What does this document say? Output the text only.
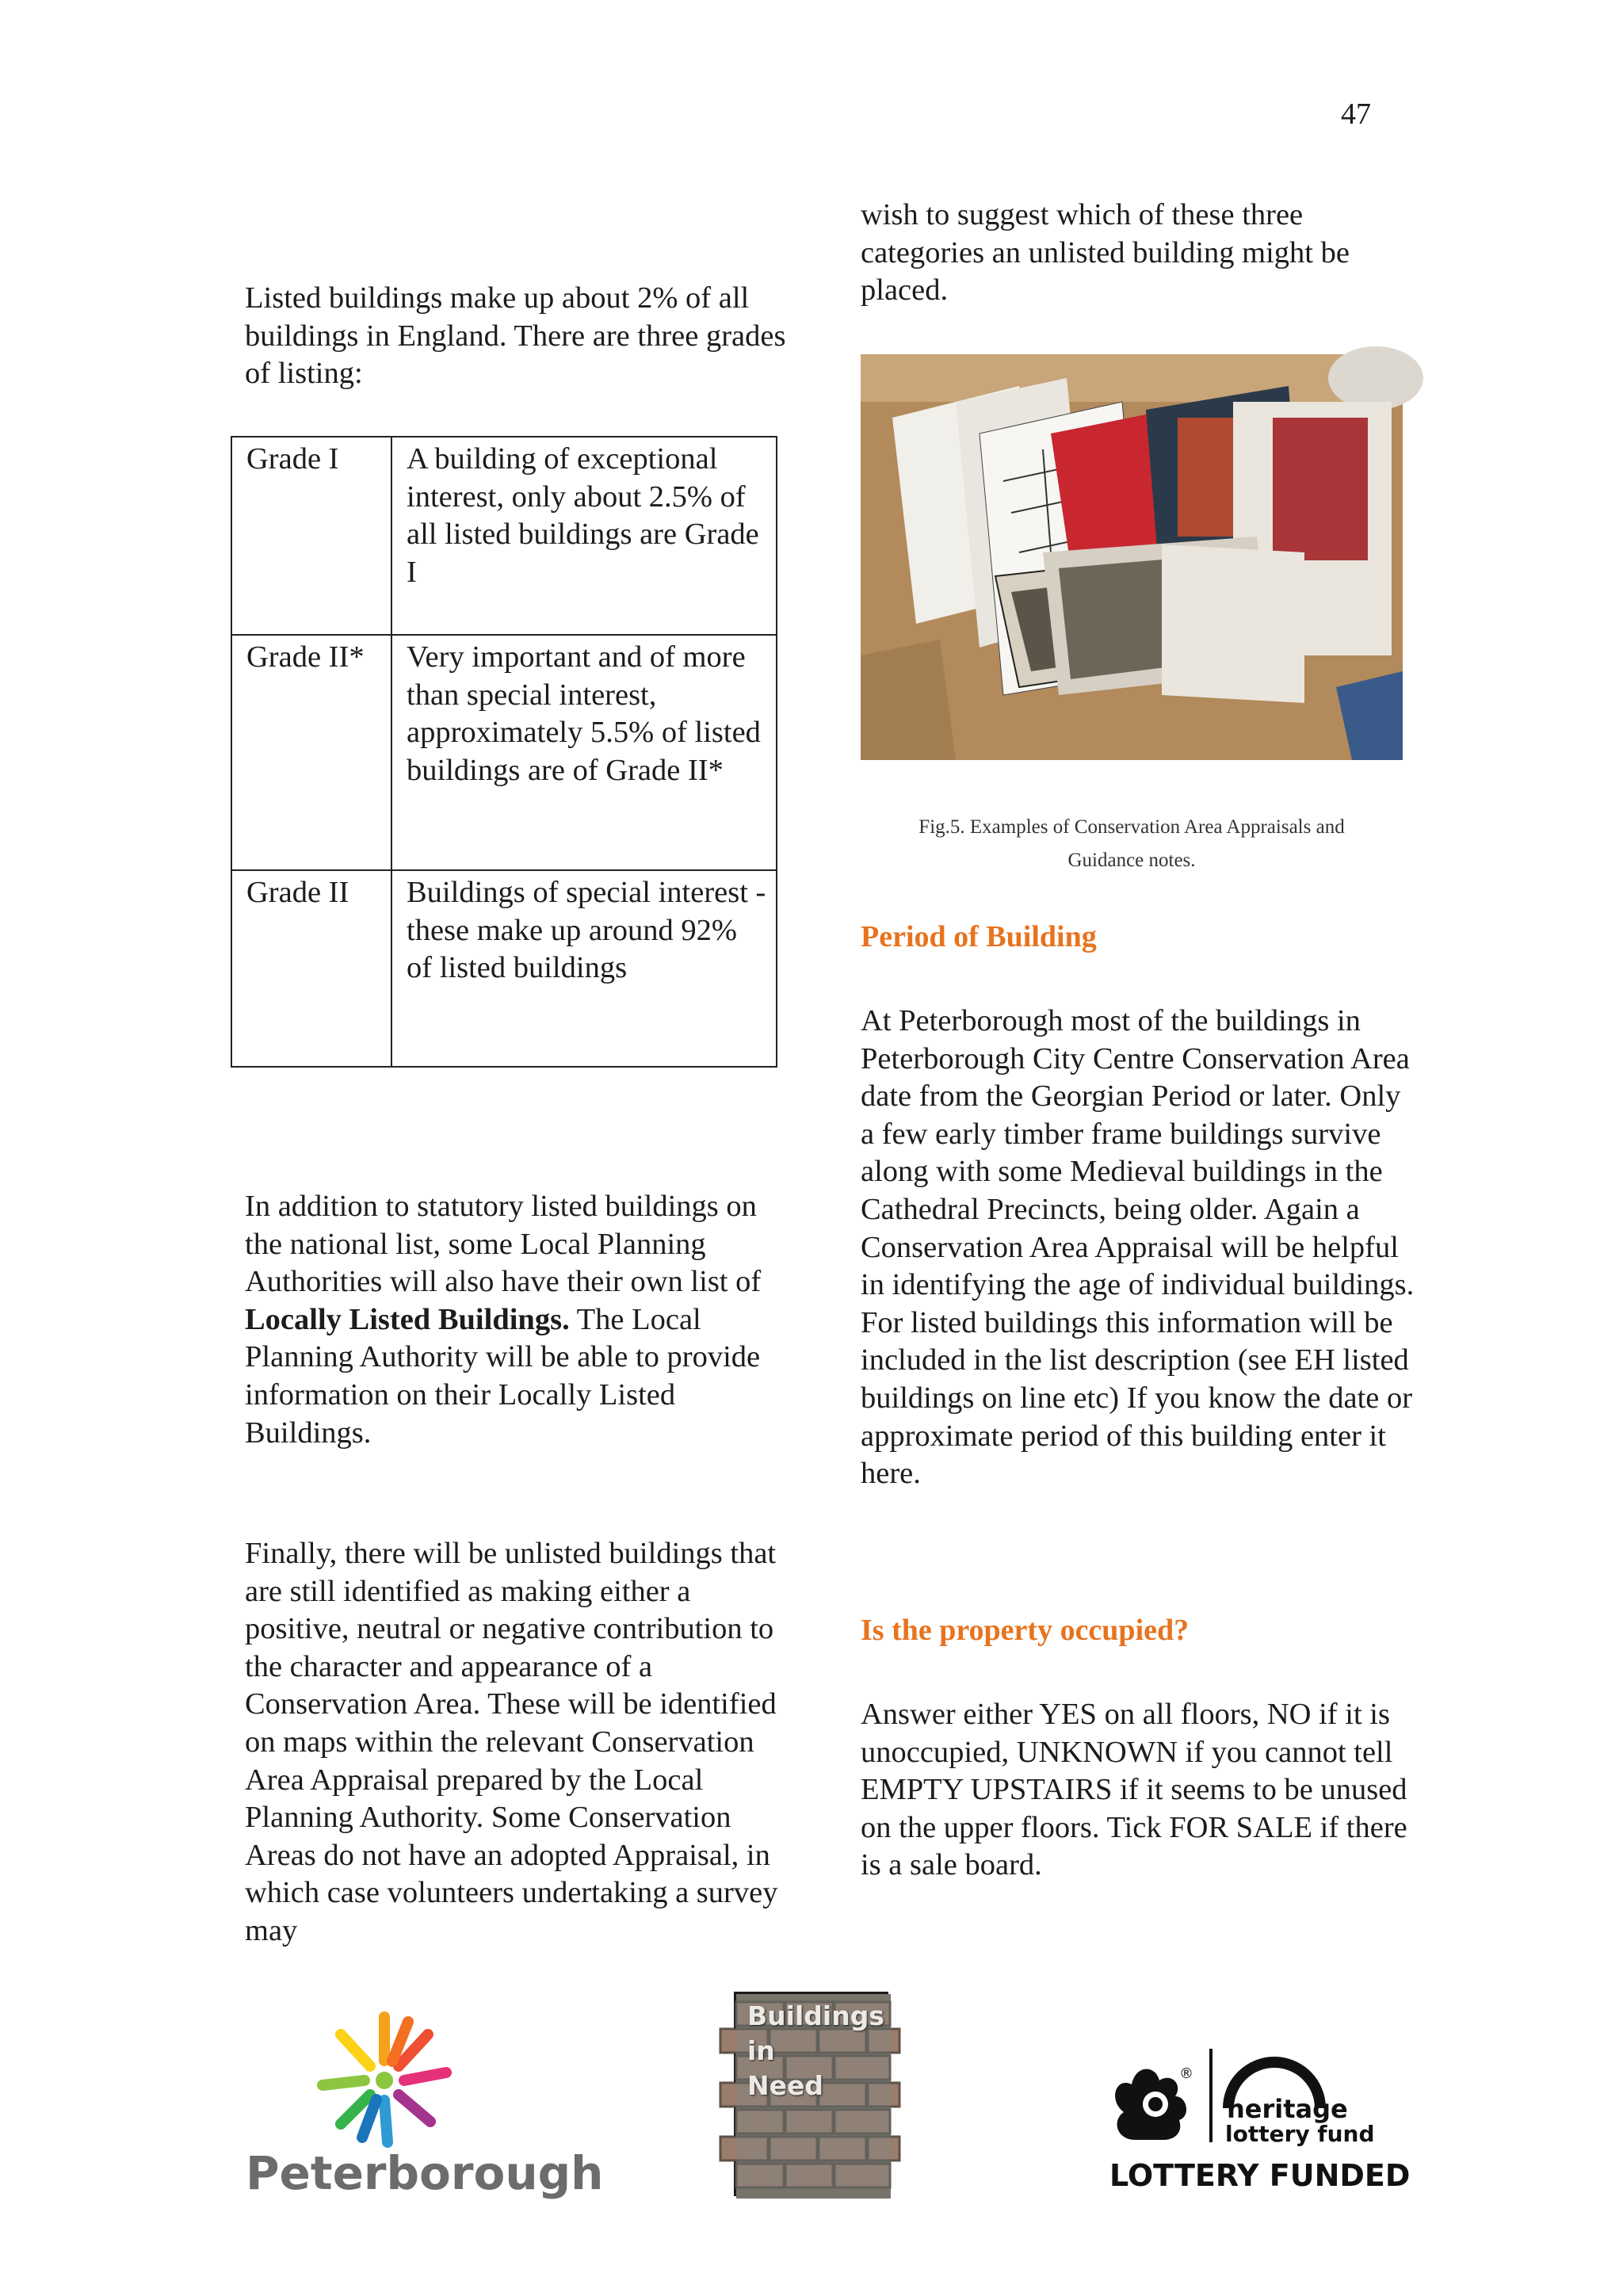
47

Listed buildings make up about 2% of all buildings in England. There are three grades of listing:

Grade I	A building of exceptional interest, only about 2.5% of all listed buildings are Grade I
Grade II*	Very important and of more than special interest, approximately 5.5% of listed buildings are of Grade II*
Grade II	Buildings of special interest - these make up around 92% of listed buildings

In addition to statutory listed buildings on the national list, some Local Planning Authorities will also have their own list of Locally Listed Buildings. The Local Planning Authority will be able to provide information on their Locally Listed Buildings.

Finally, there will be unlisted buildings that are still identified as making either a positive, neutral or negative contribution to the character and appearance of a Conservation Area. These will be identified on maps within the relevant Conservation Area Appraisal prepared by the Local Planning Authority. Some Conservation Areas do not have an adopted Appraisal, in which case volunteers undertaking a survey may

wish to suggest which of these three categories an unlisted building might be placed.

Fig.5. Examples of Conservation Area Appraisals and
Guidance notes.

Period of Building

At Peterborough most of the buildings in Peterborough City Centre Conservation Area date from the Georgian Period or later. Only a few early timber frame buildings survive along with some Medieval buildings in the Cathedral Precincts, being older. Again a Conservation Area Appraisal will be helpful in identifying the age of individual buildings. For listed buildings this information will be included in the list description (see EH listed buildings on line etc) If you know the date or approximate period of this building enter it here.

Is the property occupied?

Answer either YES on all floors, NO if it is unoccupied, UNKNOWN if you cannot tell EMPTY UPSTAIRS if it seems to be unused on the upper floors. Tick FOR SALE if there is a sale board.

Peterborough
Buildings
in
Need	®
heritage
lottery fund
LOTTERY FUNDED
